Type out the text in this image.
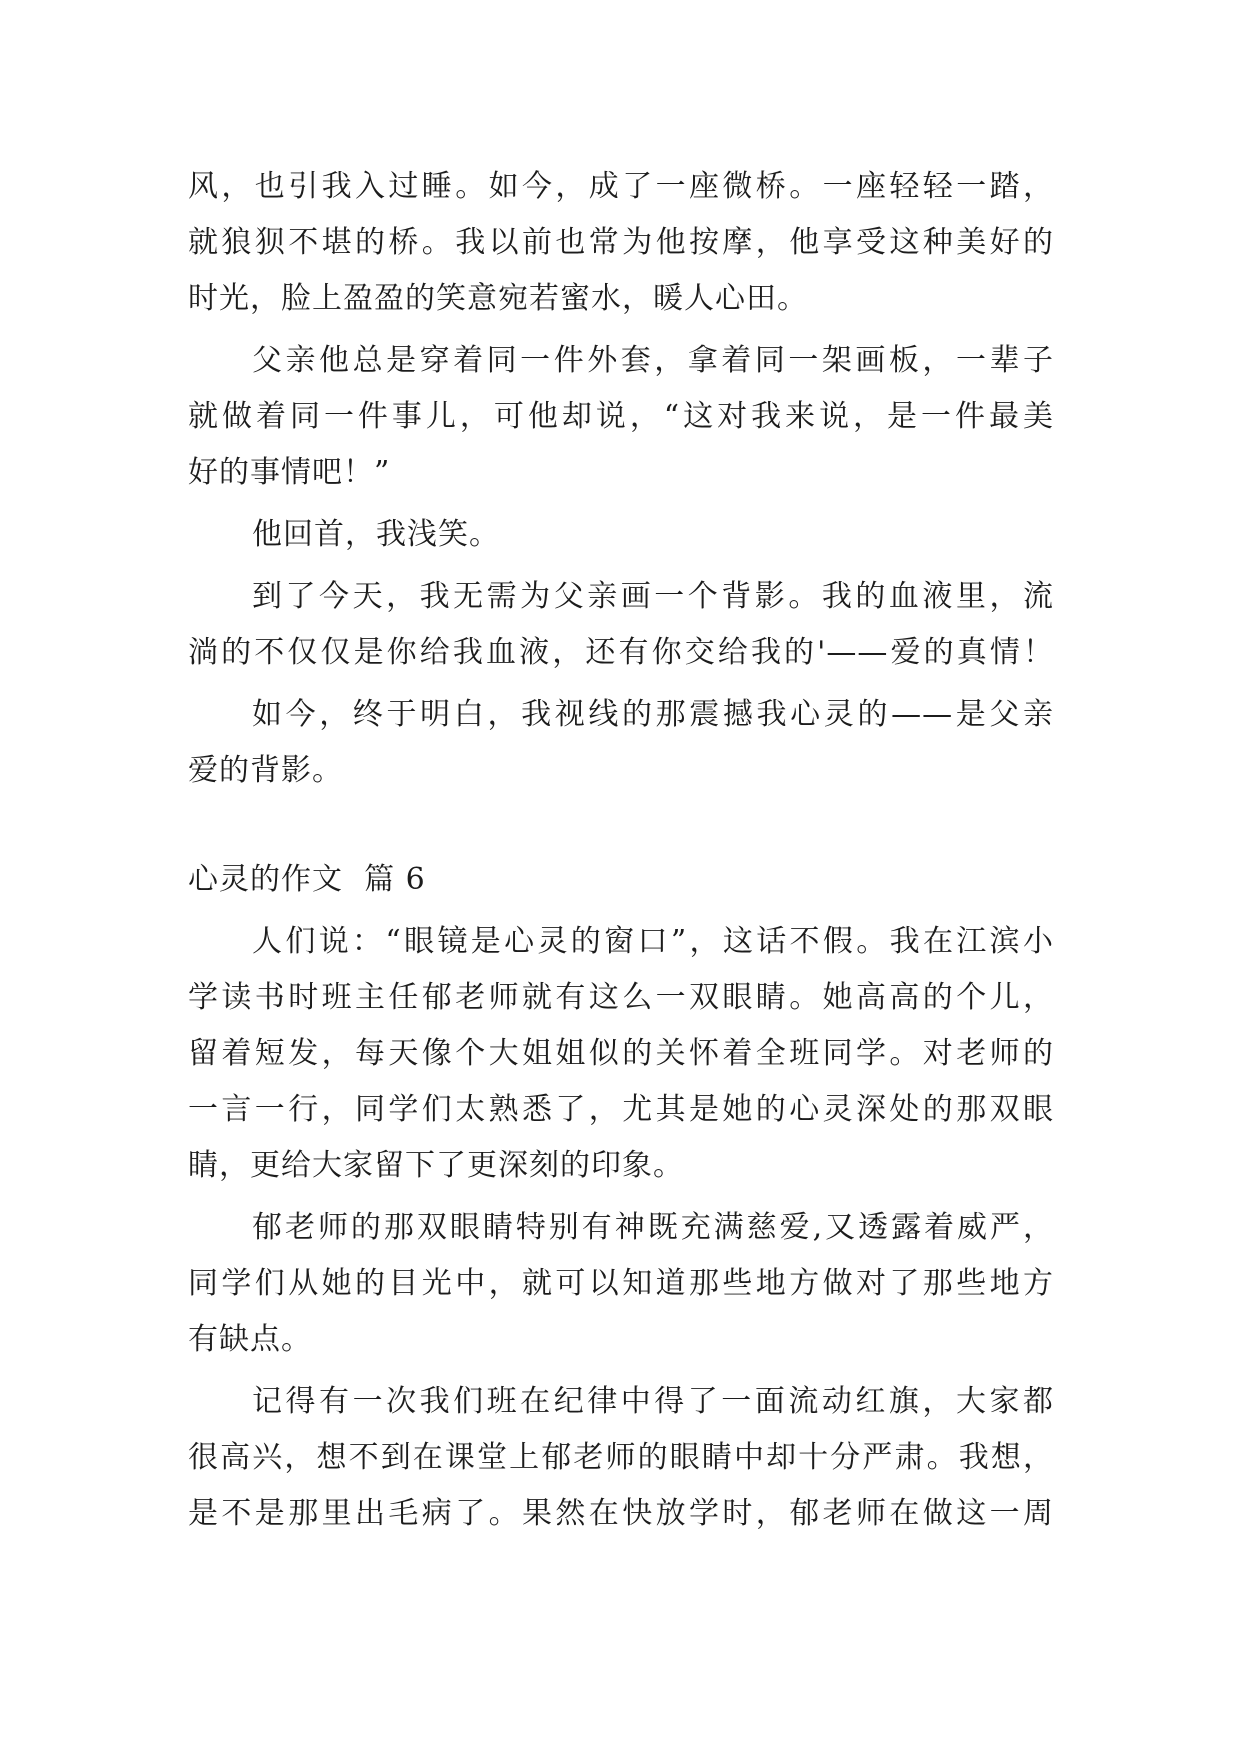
风，也引我入过睡。如今，成了一座微桥。一座轻轻一踏，
就狼狈不堪的桥。我以前也常为他按摩，他享受这种美好的
时光，脸上盈盈的笑意宛若蜜水，暖人心田。
父亲他总是穿着同一件外套，拿着同一架画板，一辈子
就做着同一件事儿，可他却说，“这对我来说，是一件最美
好的事情吧！”
他回首，我浅笑。
到了今天，我无需为父亲画一个背影。我的血液里，流
淌的不仅仅是你给我血液，还有你交给我的'——爱的真情！
如今，终于明白，我视线的那震撼我心灵的——是父亲
爱的背影。
心灵的作文  篇 6
人们说：“眼镜是心灵的窗口”，这话不假。我在江滨小
学读书时班主任郁老师就有这么一双眼睛。她高高的个儿，
留着短发，每天像个大姐姐似的关怀着全班同学。对老师的
一言一行，同学们太熟悉了，尤其是她的心灵深处的那双眼
睛，更给大家留下了更深刻的印象。
郁老师的那双眼睛特别有神既充满慈爱,又透露着威严，
同学们从她的目光中，就可以知道那些地方做对了那些地方
有缺点。
记得有一次我们班在纪律中得了一面流动红旗，大家都
很高兴，想不到在课堂上郁老师的眼睛中却十分严肃。我想，
是不是那里出毛病了。果然在快放学时，郁老师在做这一周
